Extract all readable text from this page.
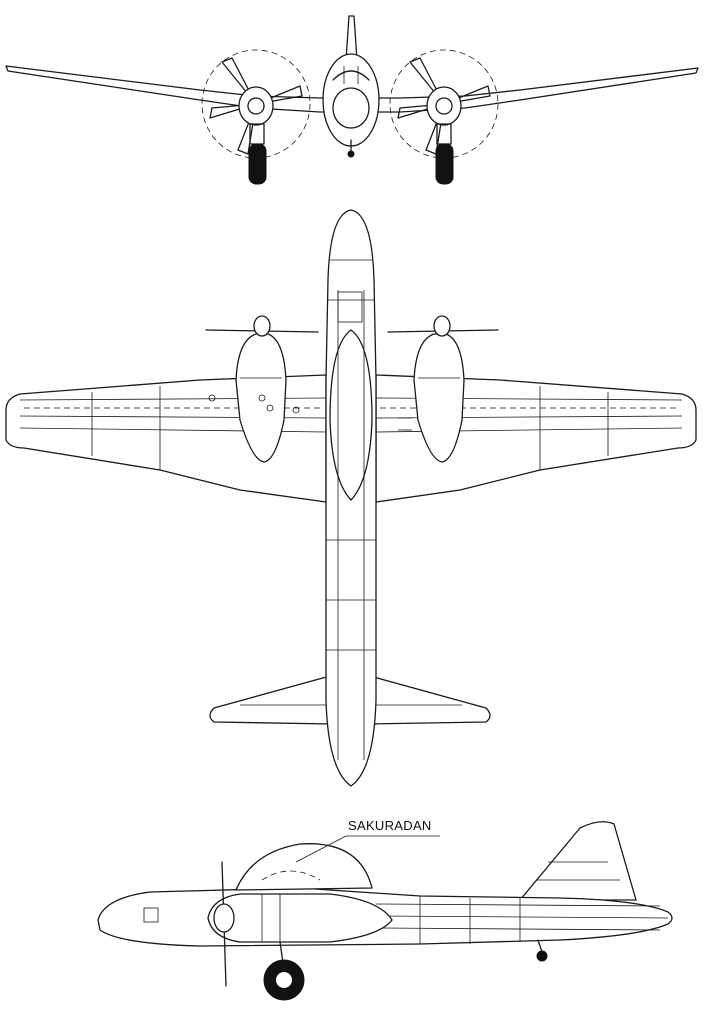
SAKURADAN
